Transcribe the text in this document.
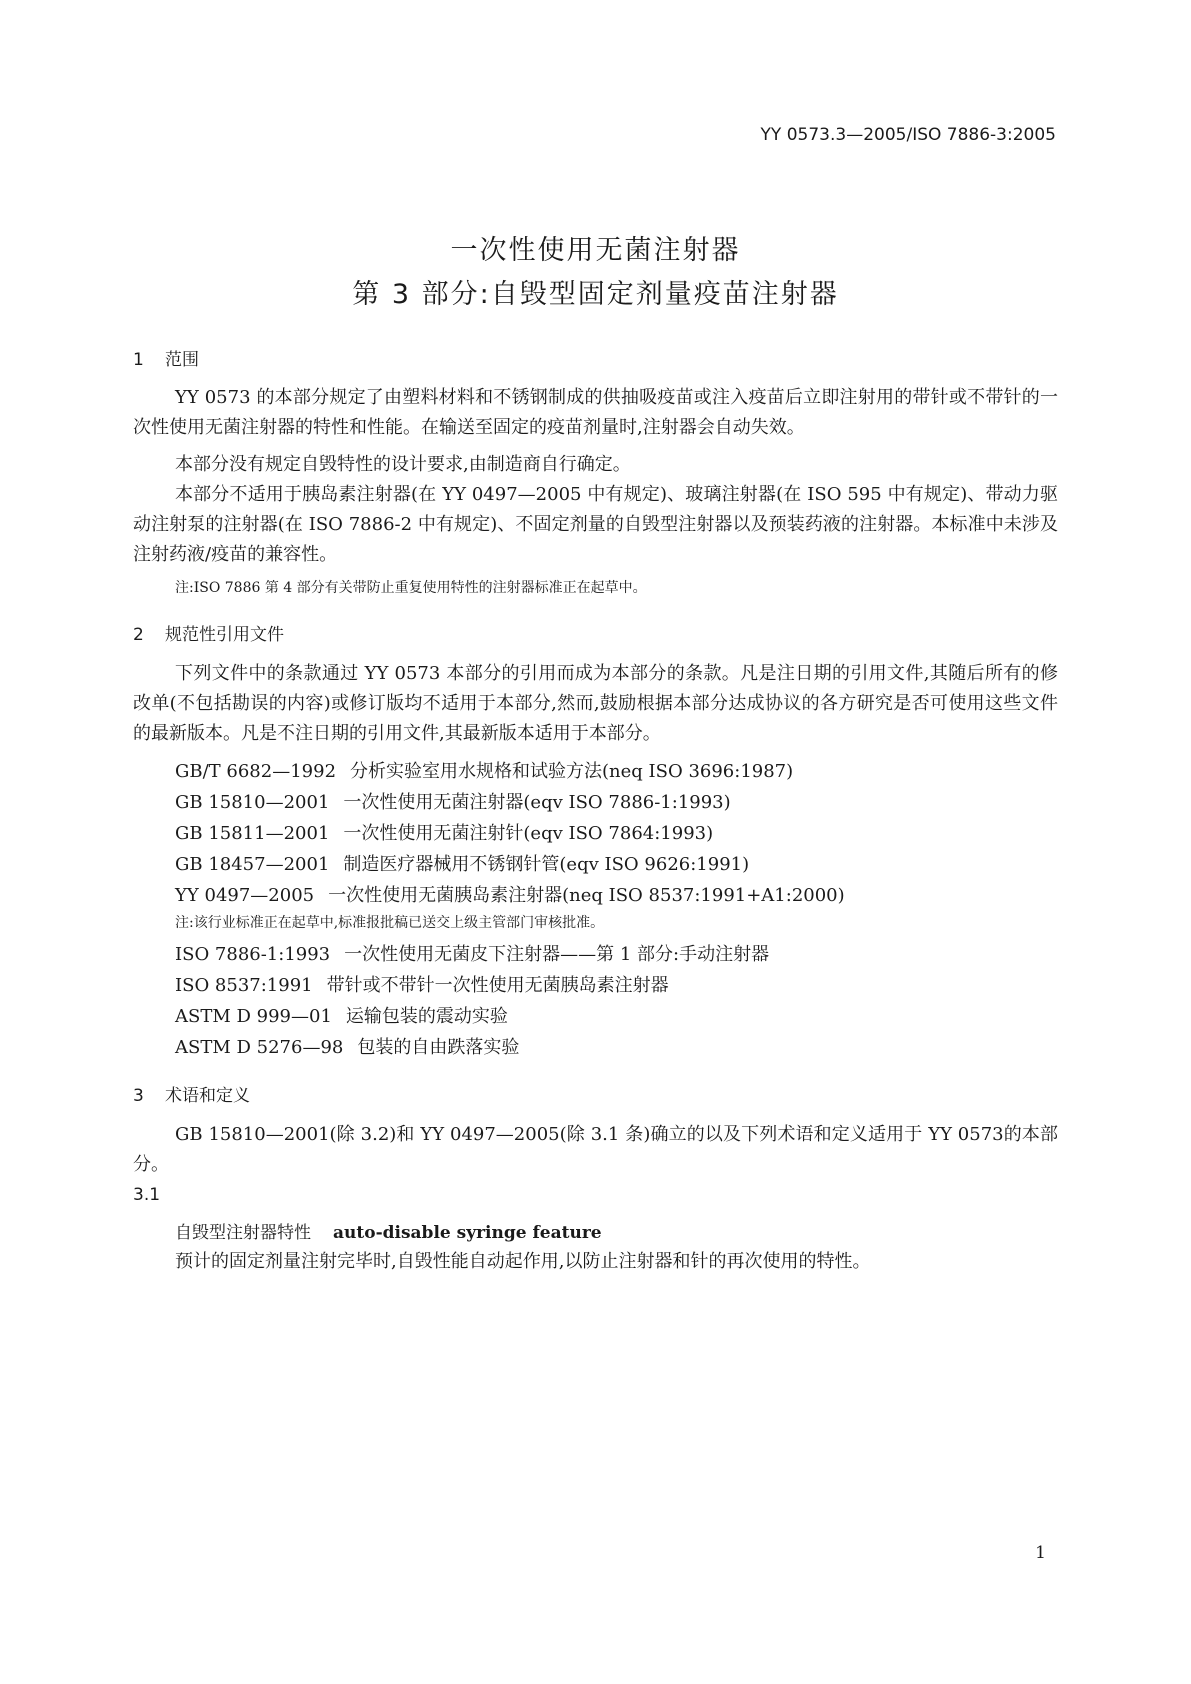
YY 0573.3—2005/ISO 7886-3:2005
一次性使用无菌注射器
第 3 部分:自毁型固定剂量疫苗注射器
1 范围
YY 0573 的本部分规定了由塑料材料和不锈钢制成的供抽吸疫苗或注入疫苗后立即注射用的带针或不带针的一次性使用无菌注射器的特性和性能。在输送至固定的疫苗剂量时,注射器会自动失效。
本部分没有规定自毁特性的设计要求,由制造商自行确定。
本部分不适用于胰岛素注射器(在 YY 0497—2005 中有规定)、玻璃注射器(在 ISO 595 中有规定)、带动力驱动注射泵的注射器(在 ISO 7886-2 中有规定)、不固定剂量的自毁型注射器以及预装药液的注射器。本标准中未涉及注射药液/疫苗的兼容性。
注:ISO 7886 第 4 部分有关带防止重复使用特性的注射器标准正在起草中。
2 规范性引用文件
下列文件中的条款通过 YY 0573 本部分的引用而成为本部分的条款。凡是注日期的引用文件,其随后所有的修改单(不包括勘误的内容)或修订版均不适用于本部分,然而,鼓励根据本部分达成协议的各方研究是否可使用这些文件的最新版本。凡是不注日期的引用文件,其最新版本适用于本部分。
GB/T 6682—1992 分析实验室用水规格和试验方法(neq ISO 3696:1987)
GB 15810—2001 一次性使用无菌注射器(eqv ISO 7886-1:1993)
GB 15811—2001 一次性使用无菌注射针(eqv ISO 7864:1993)
GB 18457—2001 制造医疗器械用不锈钢针管(eqv ISO 9626:1991)
YY 0497—2005 一次性使用无菌胰岛素注射器(neq ISO 8537:1991+A1:2000)
注:该行业标准正在起草中,标准报批稿已送交上级主管部门审核批准。
ISO 7886-1:1993 一次性使用无菌皮下注射器——第 1 部分:手动注射器
ISO 8537:1991 带针或不带针一次性使用无菌胰岛素注射器
ASTM D 999—01 运输包装的震动实验
ASTM D 5276—98 包装的自由跌落实验
3 术语和定义
GB 15810—2001(除 3.2)和 YY 0497—2005(除 3.1 条)确立的以及下列术语和定义适用于 YY 0573的本部分。
3.1
自毁型注射器特性 auto-disable syringe feature
预计的固定剂量注射完毕时,自毁性能自动起作用,以防止注射器和针的再次使用的特性。
1
